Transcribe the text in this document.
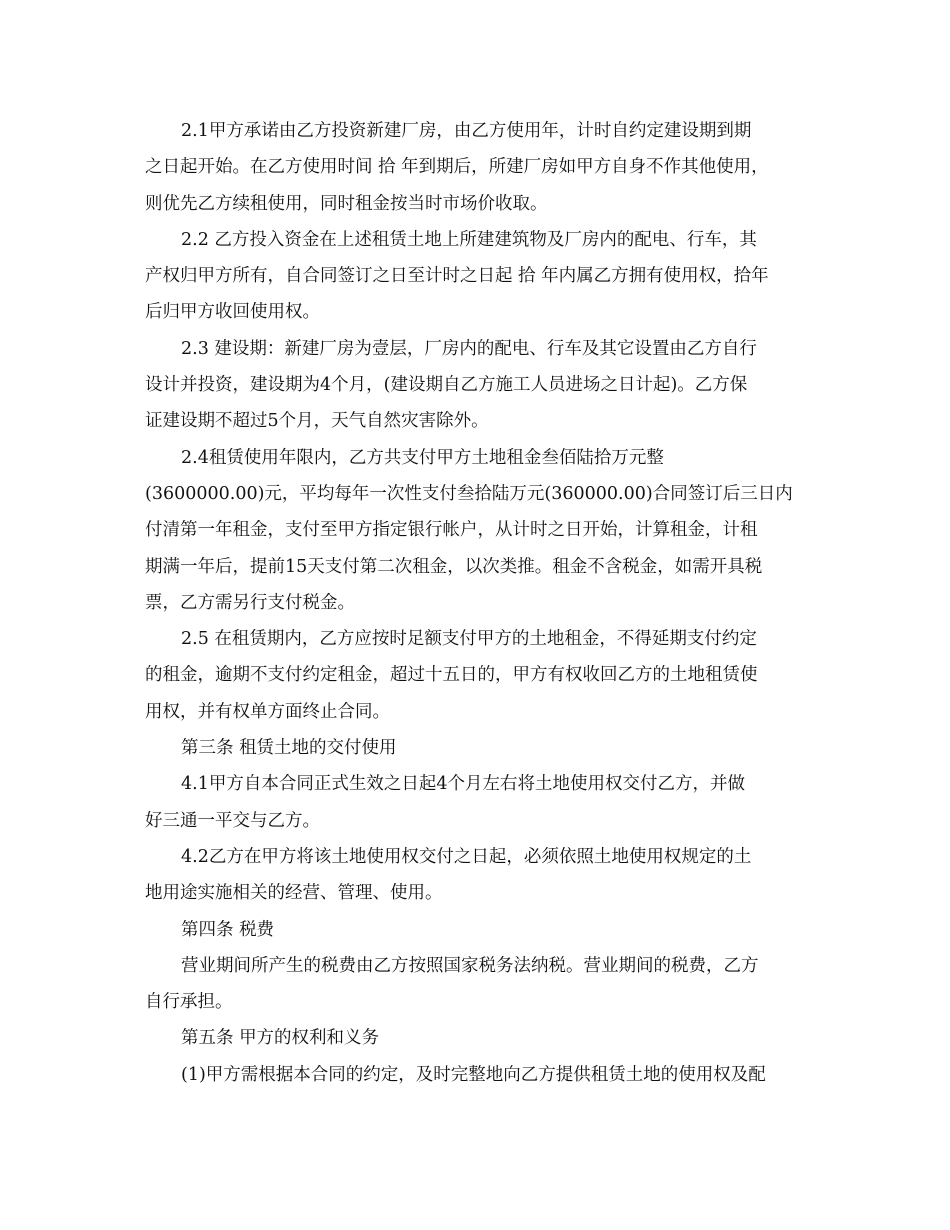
2.1甲方承诺由乙方投资新建厂房，由乙方使用年，计时自约定建设期到期
之日起开始。在乙方使用时间 拾 年到期后，所建厂房如甲方自身不作其他使用，
则优先乙方续租使用，同时租金按当时市场价收取。
2.2 乙方投入资金在上述租赁土地上所建建筑物及厂房内的配电、行车，其
产权归甲方所有，自合同签订之日至计时之日起 拾 年内属乙方拥有使用权，拾年
后归甲方收回使用权。
2.3 建设期：新建厂房为壹层，厂房内的配电、行车及其它设置由乙方自行
设计并投资，建设期为4个月，(建设期自乙方施工人员进场之日计起)。乙方保
证建设期不超过5个月，天气自然灾害除外。
2.4租赁使用年限内，乙方共支付甲方土地租金叁佰陆拾万元整
(3600000.00)元，平均每年一次性支付叁拾陆万元(360000.00)合同签订后三日内
付清第一年租金，支付至甲方指定银行帐户，从计时之日开始，计算租金，计租
期满一年后，提前15天支付第二次租金，以次类推。租金不含税金，如需开具税
票，乙方需另行支付税金。
2.5 在租赁期内，乙方应按时足额支付甲方的土地租金，不得延期支付约定
的租金，逾期不支付约定租金，超过十五日的，甲方有权收回乙方的土地租赁使
用权，并有权单方面终止合同。
第三条 租赁土地的交付使用
4.1甲方自本合同正式生效之日起4个月左右将土地使用权交付乙方，并做
好三通一平交与乙方。
4.2乙方在甲方将该土地使用权交付之日起，必须依照土地使用权规定的土
地用途实施相关的经营、管理、使用。
第四条 税费
营业期间所产生的税费由乙方按照国家税务法纳税。营业期间的税费，乙方
自行承担。
第五条 甲方的权利和义务
(1)甲方需根据本合同的约定，及时完整地向乙方提供租赁土地的使用权及配
